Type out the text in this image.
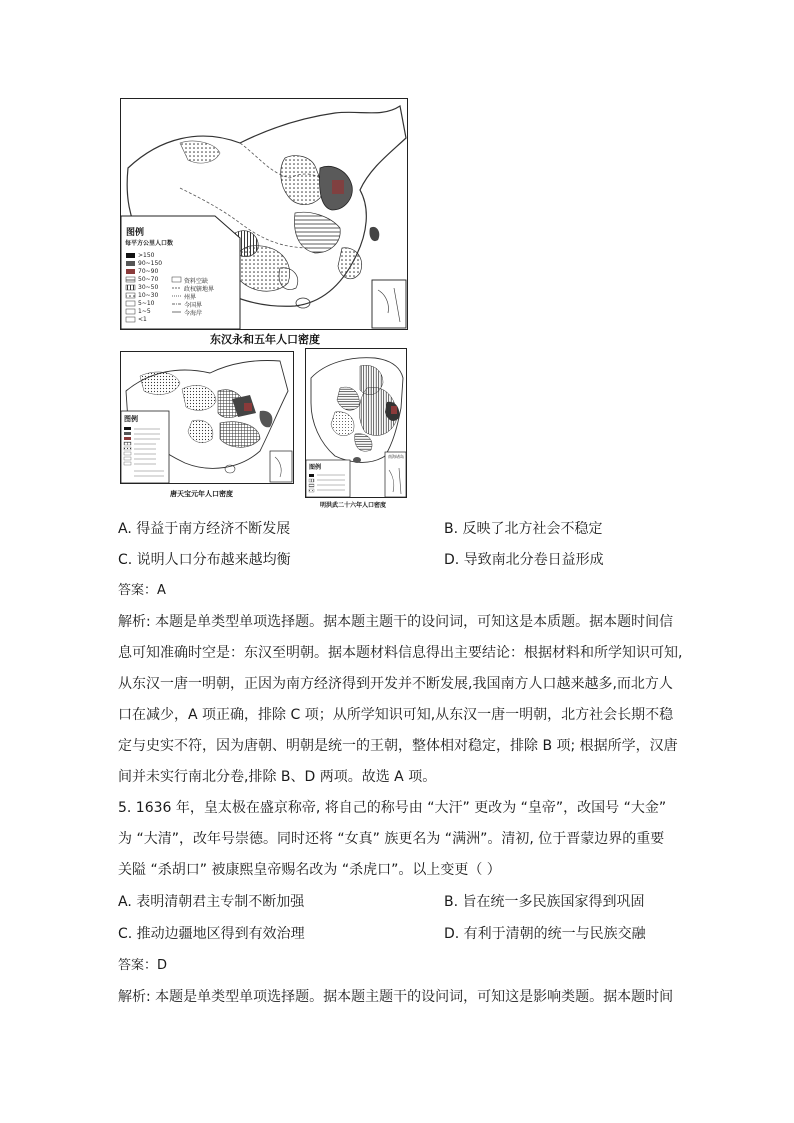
图例
每平方公里人口数
>150
90~150
70~90
50~70
30~50
10~30
5~10
1~5
<1
资料空缺
政权辖地界
州界
今国界
今海岸
东汉永和五年人口密度
图例
唐天宝元年人口密度
图例
南海诸岛
明洪武二十六年人口密度
A. 得益于南方经济不断发展	B. 反映了北方社会不稳定
C. 说明人口分布越来越均衡	D. 导致南北分卷日益形成
答案：A
解析: 本题是单类型单项选择题。据本题主题干的设问词，可知这是本质题。据本题时间信
息可知准确时空是：东汉至明朝。据本题材料信息得出主要结论：根据材料和所学知识可知,
从东汉一唐一明朝，正因为南方经济得到开发并不断发展,我国南方人口越来越多,而北方人
口在减少，A 项正确，排除 C 项；从所学知识可知,从东汉一唐一明朝，北方社会长期不稳
定与史实不符，因为唐朝、明朝是统一的王朝，整体相对稳定，排除 B 项; 根据所学，汉唐
间并未实行南北分卷,排除 B、D 两项。故选 A 项。
5. 1636 年，皇太极在盛京称帝, 将自己的称号由 “大汗” 更改为 “皇帝”，改国号 “大金”
为 “大清”，改年号崇德。同时还将 “女真” 族更名为 “满洲”。清初, 位于晋蒙边界的重要
关隘 “杀胡口” 被康熙皇帝赐名改为 “杀虎口”。以上变更（ ）
A. 表明清朝君主专制不断加强	B. 旨在统一多民族国家得到巩固
C. 推动边疆地区得到有效治理	D. 有利于清朝的统一与民族交融
答案：D
解析: 本题是单类型单项选择题。据本题主题干的设问词，可知这是影响类题。据本题时间
